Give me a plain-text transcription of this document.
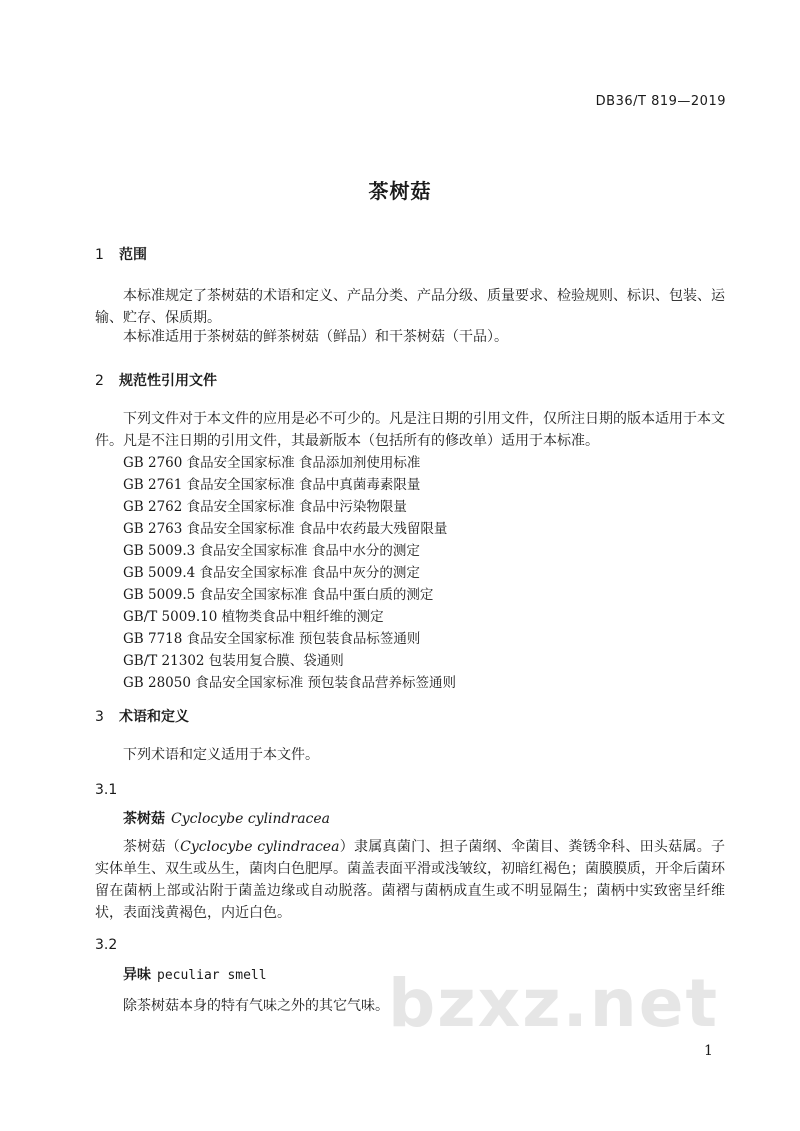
DB36/T 819—2019
茶树菇
1 范围
本标准规定了茶树菇的术语和定义、产品分类、产品分级、质量要求、检验规则、标识、包装、运输、贮存、保质期。
本标准适用于茶树菇的鲜茶树菇（鲜品）和干茶树菇（干品）。
2 规范性引用文件
下列文件对于本文件的应用是必不可少的。凡是注日期的引用文件，仅所注日期的版本适用于本文件。凡是不注日期的引用文件，其最新版本（包括所有的修改单）适用于本标准。
GB 2760 食品安全国家标准 食品添加剂使用标准
GB 2761 食品安全国家标准 食品中真菌毒素限量
GB 2762 食品安全国家标准 食品中污染物限量
GB 2763 食品安全国家标准 食品中农药最大残留限量
GB 5009.3 食品安全国家标准 食品中水分的测定
GB 5009.4 食品安全国家标准 食品中灰分的测定
GB 5009.5 食品安全国家标准 食品中蛋白质的测定
GB/T 5009.10 植物类食品中粗纤维的测定
GB 7718 食品安全国家标准 预包装食品标签通则
GB/T 21302 包装用复合膜、袋通则
GB 28050 食品安全国家标准 预包装食品营养标签通则
3 术语和定义
下列术语和定义适用于本文件。
3.1
茶树菇 Cyclocybe cylindracea
茶树菇（Cyclocybe cylindracea）隶属真菌门、担子菌纲、伞菌目、粪锈伞科、田头菇属。子实体单生、双生或丛生，菌肉白色肥厚。菌盖表面平滑或浅皱纹，初暗红褐色；菌膜膜质，开伞后菌环留在菌柄上部或沾附于菌盖边缘或自动脱落。菌褶与菌柄成直生或不明显隔生；菌柄中实致密呈纤维状，表面浅黄褐色，内近白色。
3.2
异味 peculiar smell
除茶树菇本身的特有气味之外的其它气味。 bzxz.net
1
